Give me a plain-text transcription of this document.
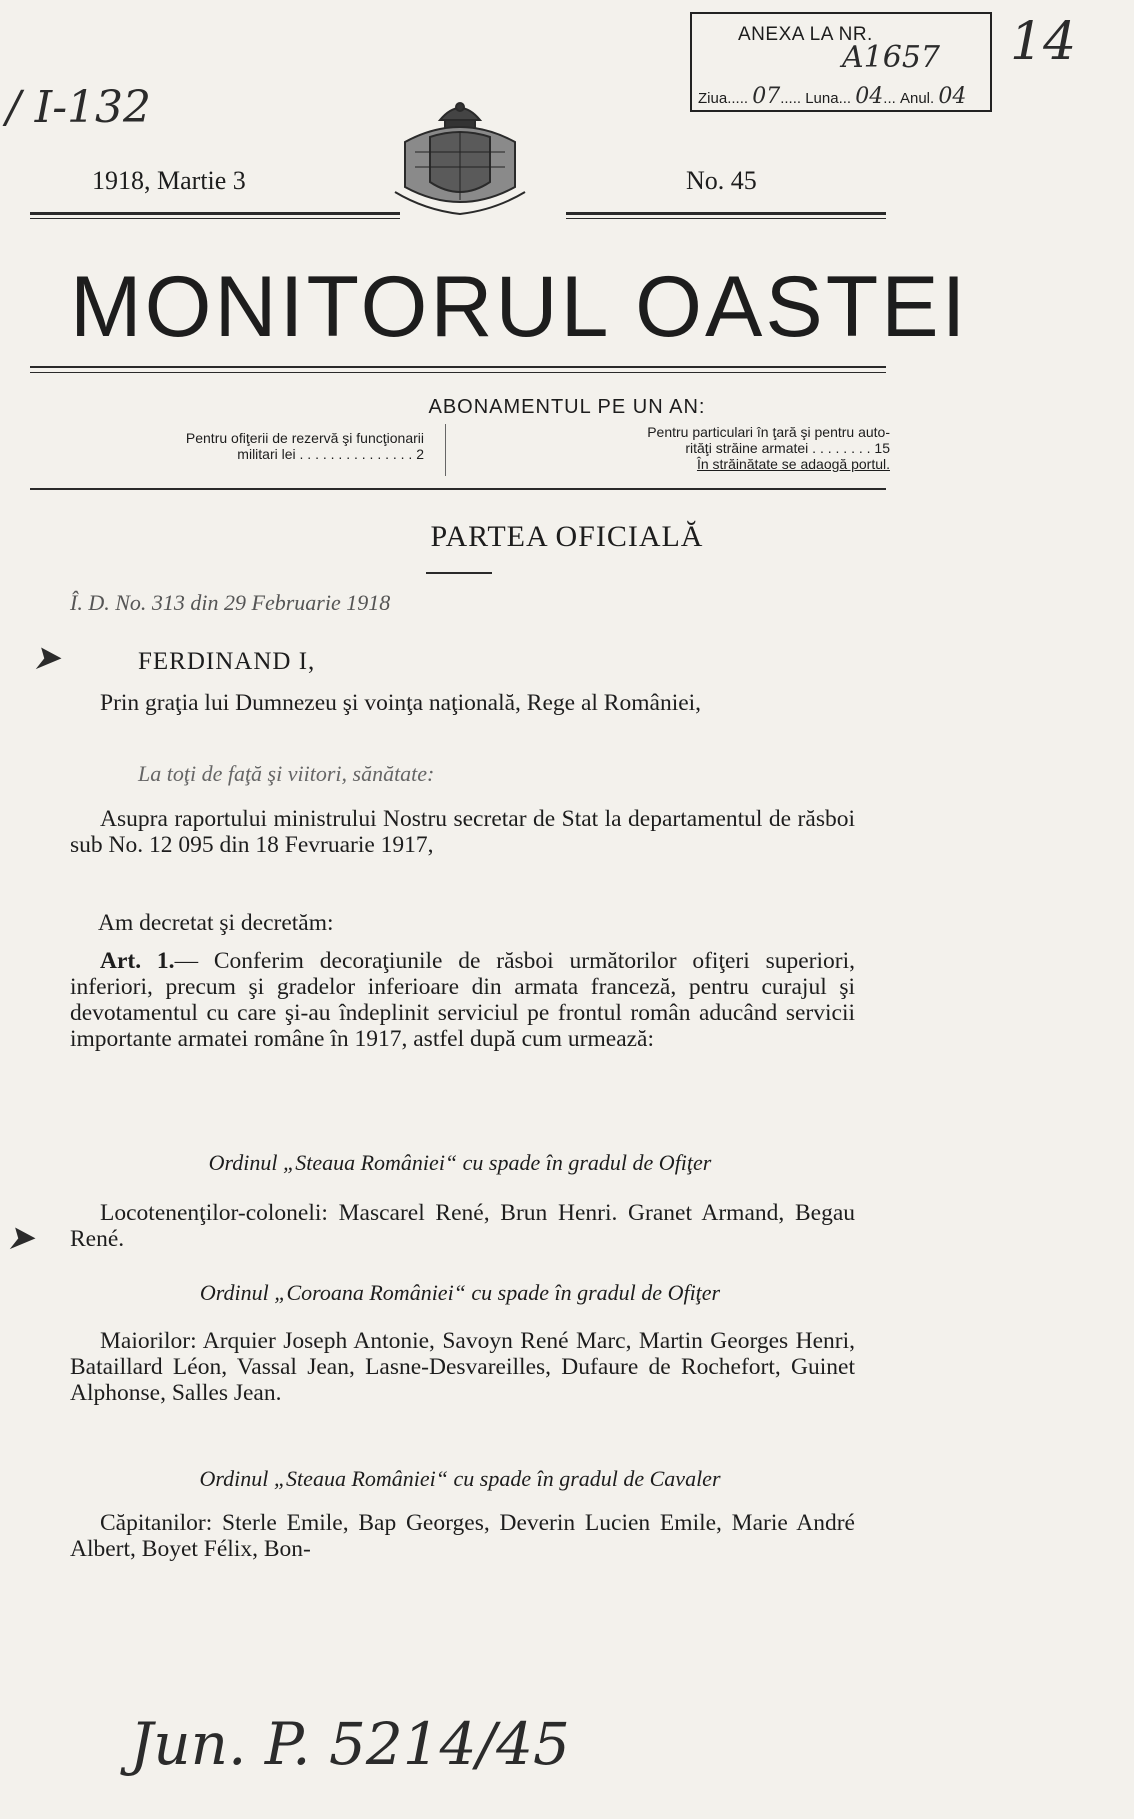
ANEXA LA NR.
A1657
Ziua..... 07..... Luna... 04... Anul. 04
/ I-132
14
1918, Martie 3	No. 45
MONITORUL OASTEI
ABONAMENTUL PE UN AN:
Pentru ofiţerii de rezervă şi funcţionarii
militari lei . . . . . . . . . . . . . . . 2
Pentru particulari în ţară şi pentru auto-
rităţi străine armatei . . . . . . . . 15
În străinătate se adaogă portul.
PARTEA OFICIALĂ
Î. D. No. 313 din 29 Februarie 1918
➤	FERDINAND I,

Prin graţia lui Dumnezeu şi voinţa naţională, Rege al României,

La toţi de faţă şi viitori, sănătate:

Asupra raportului ministrului Nostru secretar de Stat la departamentul de răsboi sub No. 12 095 din 18 Fevruarie 1917,

Am decretat şi decretăm:

Art. 1.— Conferim decoraţiunile de răsboi următorilor ofiţeri superiori, inferiori, precum şi gradelor inferioare din armata franceză, pentru curajul şi devotamentul cu care şi-au îndeplinit serviciul pe frontul român aducând servicii importante armatei române în 1917, astfel după cum urmează:

Ordinul „Steaua României“ cu spade în gradul de Ofiţer
➤

Locotenenţilor-coloneli: Mascarel René, Brun Henri. Granet Armand, Begau René.

Ordinul „Coroana României“ cu spade în gradul de Ofiţer

Maiorilor: Arquier Joseph Antonie, Savoyn René Marc, Martin Georges Henri, Bataillard Léon, Vassal Jean, Lasne-Desvareilles, Dufaure de Rochefort, Guinet Alphonse, Salles Jean.

Ordinul „Steaua României“ cu spade în gradul de Cavaler

Căpitanilor: Sterle Emile, Bap Georges, Deverin Lucien Emile, Marie André Albert, Boyet Félix, Bon-

Jun. P. 5214/45
